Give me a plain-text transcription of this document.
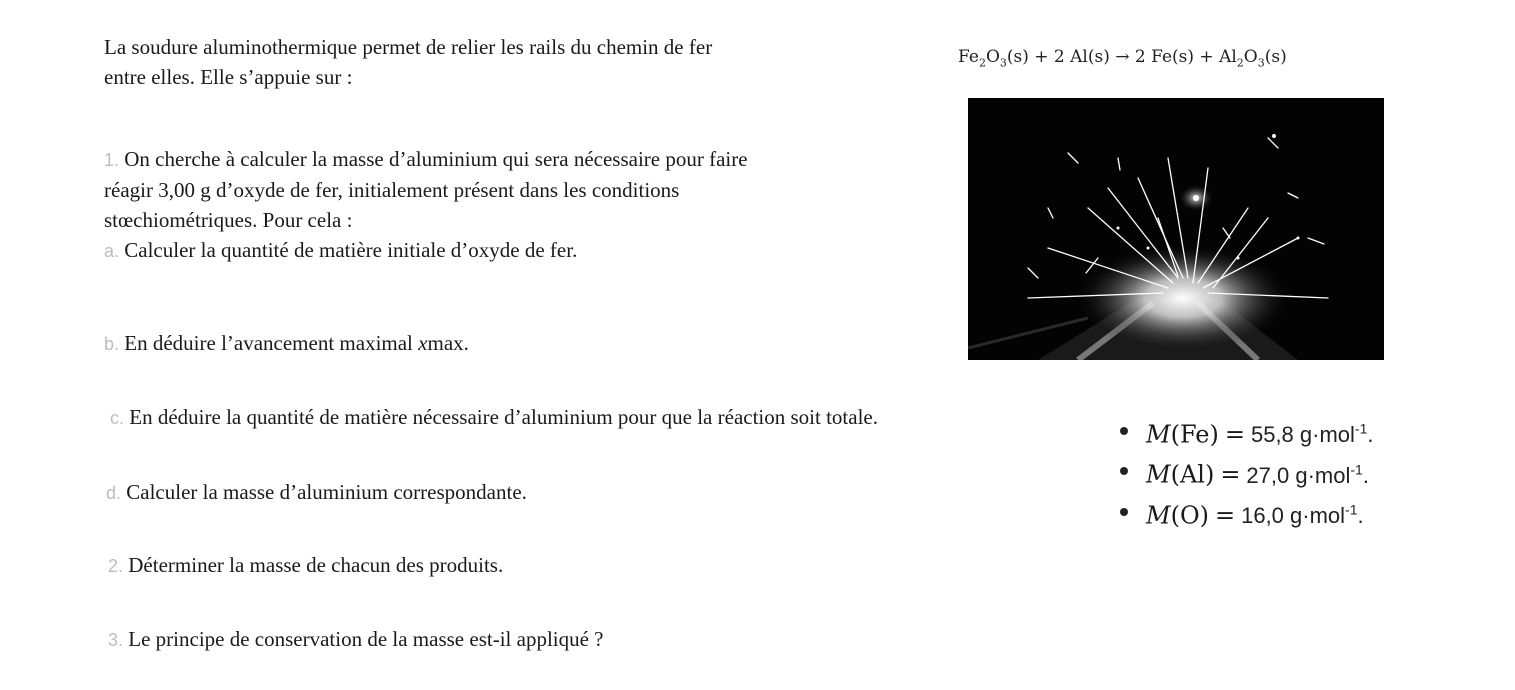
La soudure aluminothermique permet de relier les rails du chemin de fer
entre elles. Elle s’appuie sur :
1. On cherche à calculer la masse d’aluminium qui sera nécessaire pour faire
réagir 3,00 g d’oxyde de fer, initialement présent dans les conditions
stœchiométriques. Pour cela :
a. Calculer la quantité de matière initiale d’oxyde de fer.
b. En déduire l’avancement maximal xmax.
c. En déduire la quantité de matière nécessaire d’aluminium pour que la réaction soit totale.
d. Calculer la masse d’aluminium correspondante.
2. Déterminer la masse de chacun des produits.
3. Le principe de conservation de la masse est-il appliqué ?
$Fe_2O_3(s) + 2$ Al(s) → 2 $Fe(s) + Al_2O_3(s)$
M(Fe) = 55,8 g·mol$^{-1}$.
M(Al) = 27,0 g·mol$^{-1}$.
M(O) = 16,0 g·mol$^{-1}$.
